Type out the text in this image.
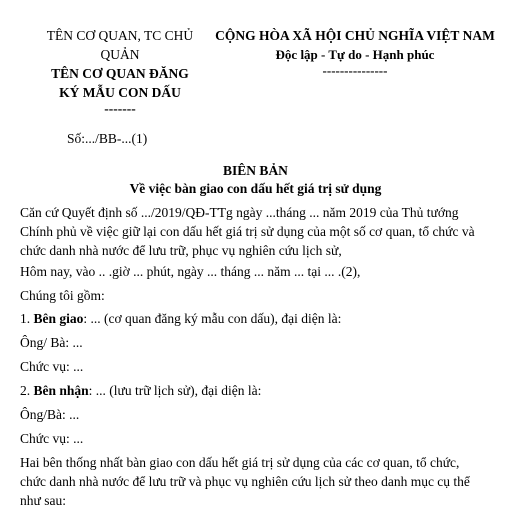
TÊN CƠ QUAN, TC CHỦ
QUẢN
TÊN CƠ QUAN ĐĂNG
KÝ MẪU CON DẤU
-------
CỘNG HÒA XÃ HỘI CHỦ NGHĨA VIỆT NAM
Độc lập - Tự do - Hạnh phúc
---------------
Số:.../BB-...(1)
BIÊN BẢN
Về việc bàn giao con dấu hết giá trị sử dụng
Căn cứ Quyết định số .../2019/QĐ-TTg ngày ...tháng ... năm 2019 của Thủ tướng
Chính phủ về việc giữ lại con dấu hết giá trị sử dụng của một số cơ quan, tổ chức và
chức danh nhà nước để lưu trữ, phục vụ nghiên cứu lịch sử,
Hôm nay, vào .. .giờ ... phút, ngày ... tháng ... năm ... tại ... .(2),
Chúng tôi gồm:
1. Bên giao: ... (cơ quan đăng ký mẫu con dấu), đại diện là:
Ông/ Bà: ...
Chức vụ: ...
2. Bên nhận: ... (lưu trữ lịch sử), đại diện là:
Ông/Bà: ...
Chức vụ: ...
Hai bên thống nhất bàn giao con dấu hết giá trị sử dụng của các cơ quan, tổ chức,
chức danh nhà nước để lưu trữ và phục vụ nghiên cứu lịch sử theo danh mục cụ thể
như sau:
